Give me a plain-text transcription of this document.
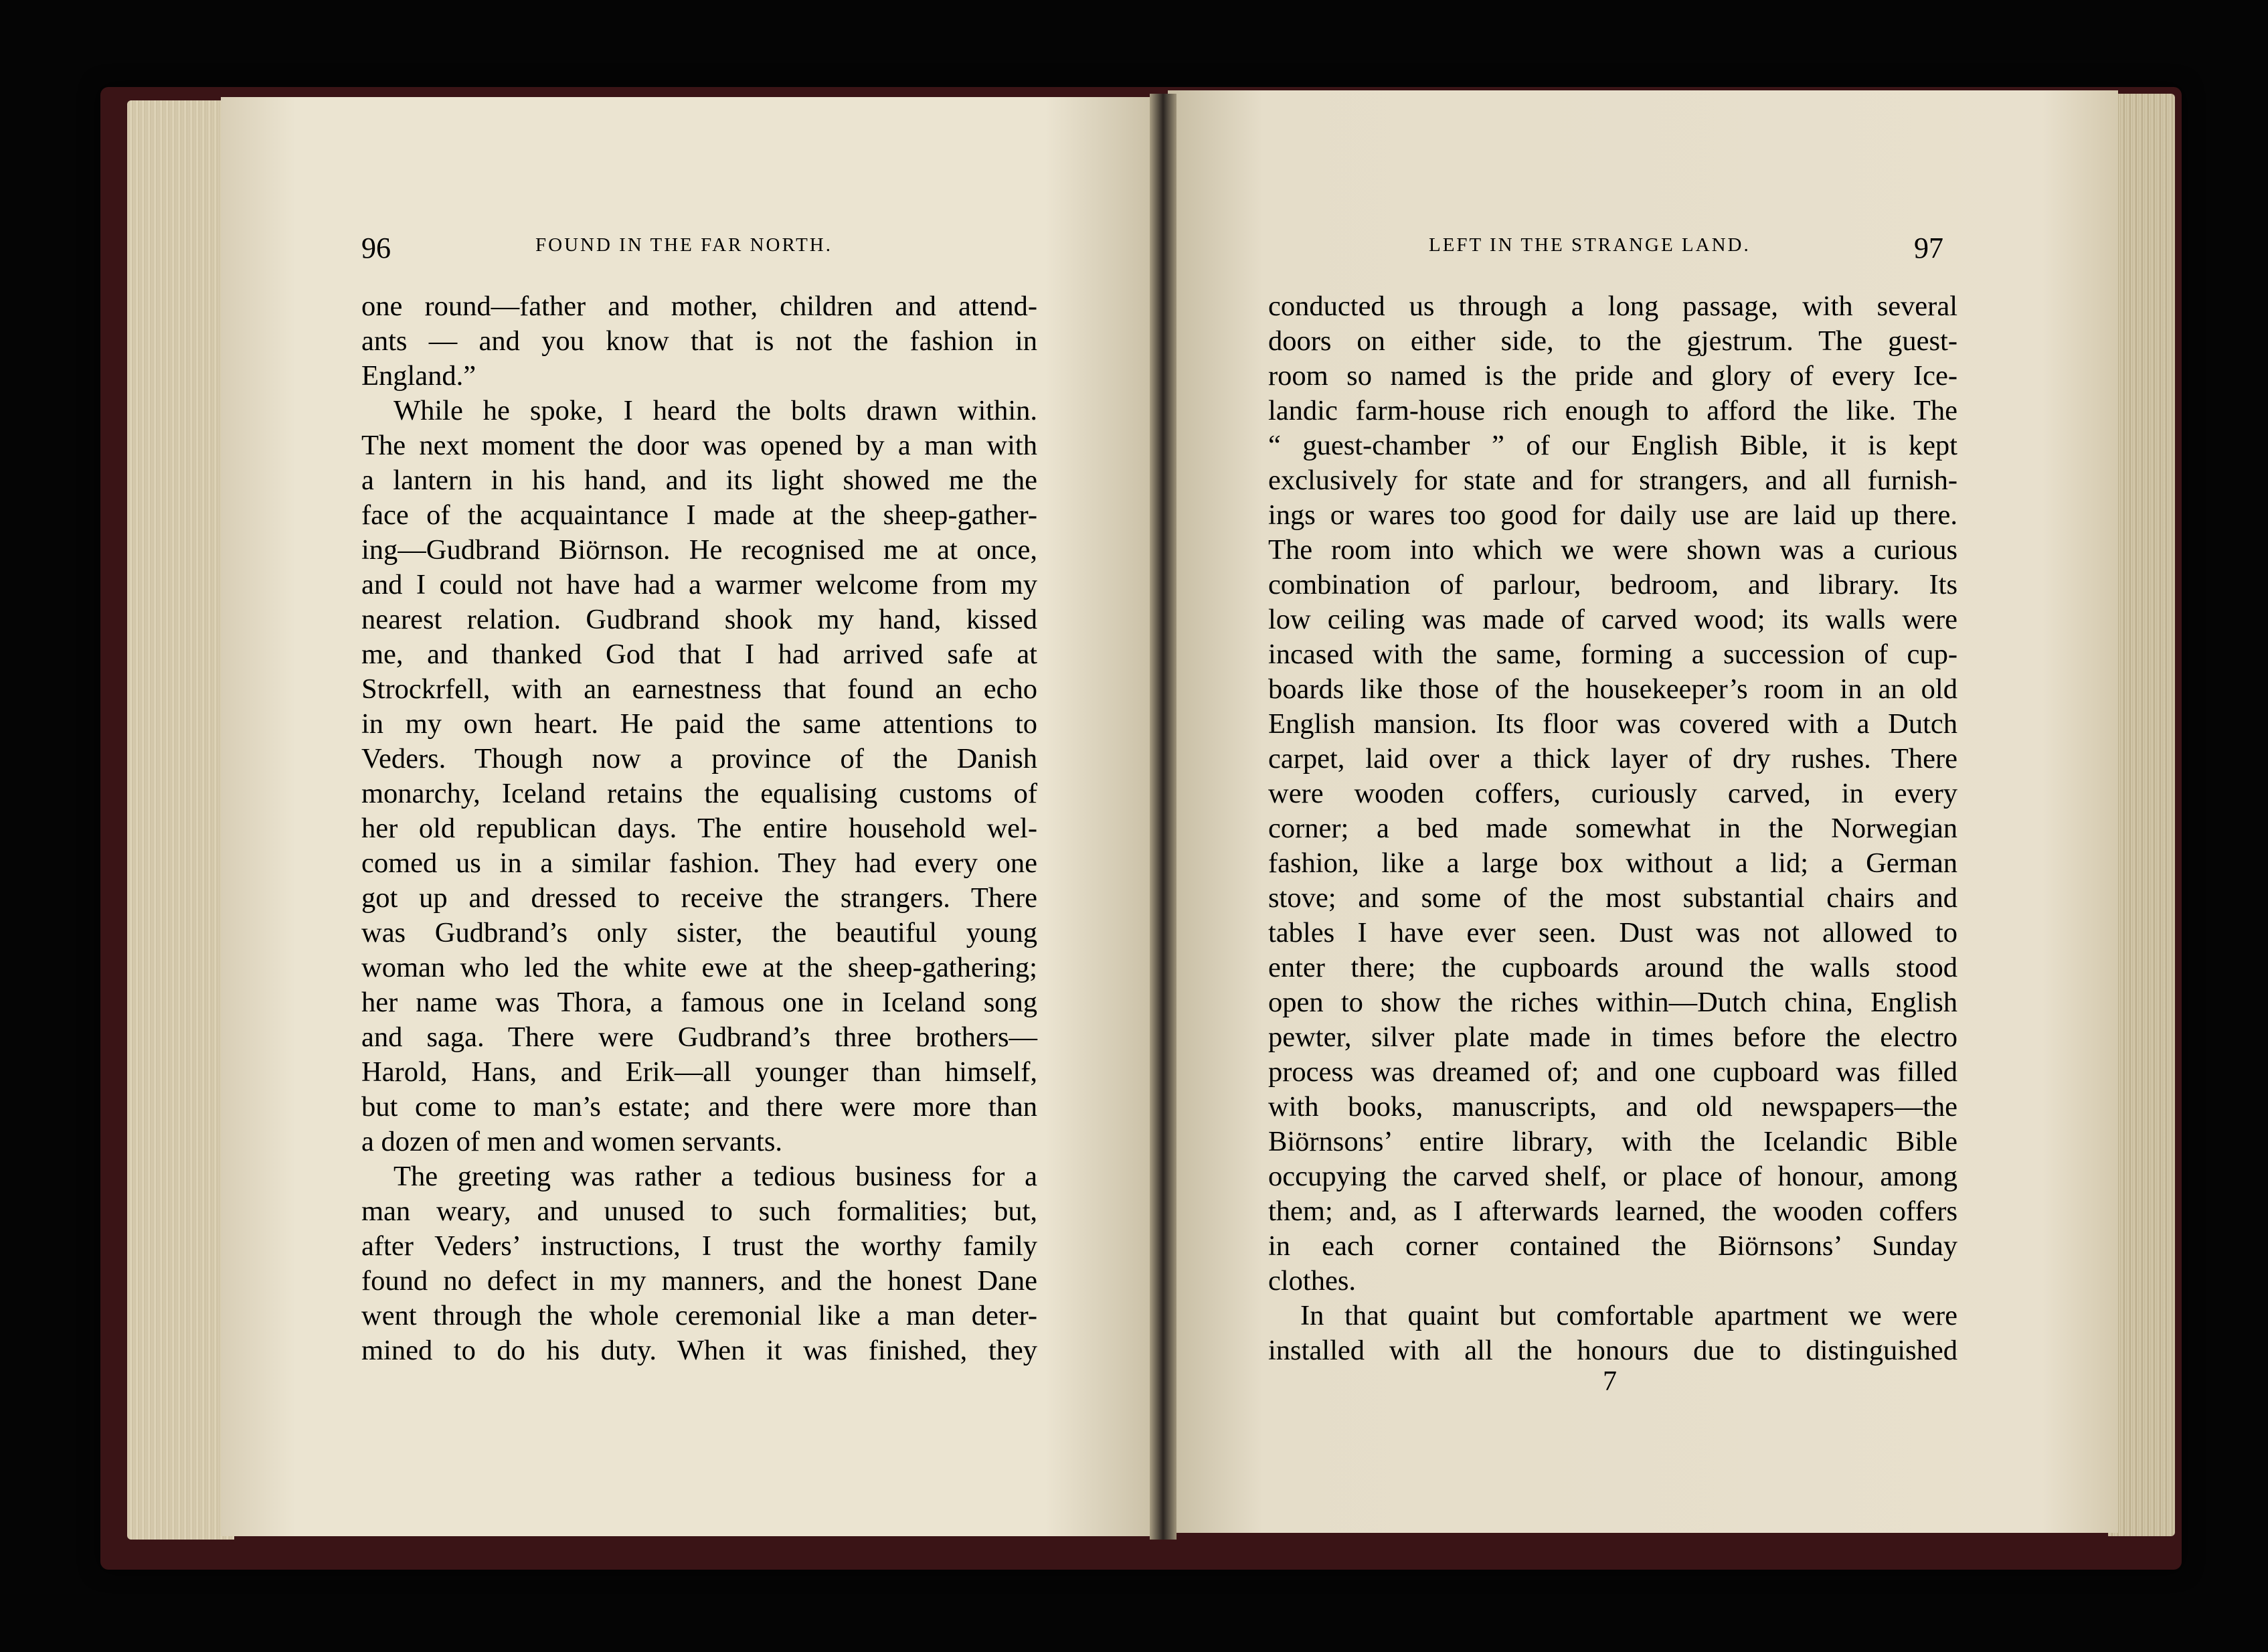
96	FOUND IN THE FAR NORTH.	LEFT IN THE STRANGE LAND.	97
one round—father and mother, children and attend-
ants — and you know that is not the fashion in
England.”
While he spoke, I heard the bolts drawn within.
The next moment the door was opened by a man with
a lantern in his hand, and its light showed me the
face of the acquaintance I made at the sheep-gather-
ing—Gudbrand Biörnson. He recognised me at once,
and I could not have had a warmer welcome from my
nearest relation. Gudbrand shook my hand, kissed
me, and thanked God that I had arrived safe at
Strockrfell, with an earnestness that found an echo
in my own heart. He paid the same attentions to
Veders. Though now a province of the Danish
monarchy, Iceland retains the equalising customs of
her old republican days. The entire household wel-
comed us in a similar fashion. They had every one
got up and dressed to receive the strangers. There
was Gudbrand’s only sister, the beautiful young
woman who led the white ewe at the sheep-gathering;
her name was Thora, a famous one in Iceland song
and saga. There were Gudbrand’s three brothers—
Harold, Hans, and Erik—all younger than himself,
but come to man’s estate; and there were more than
a dozen of men and women servants.
The greeting was rather a tedious business for a
man weary, and unused to such formalities; but,
after Veders’ instructions, I trust the worthy family
found no defect in my manners, and the honest Dane
went through the whole ceremonial like a man deter-
mined to do his duty. When it was finished, they
conducted us through a long passage, with several
doors on either side, to the gjestrum. The guest-
room so named is the pride and glory of every Ice-
landic farm-house rich enough to afford the like. The
“ guest-chamber ” of our English Bible, it is kept
exclusively for state and for strangers, and all furnish-
ings or wares too good for daily use are laid up there.
The room into which we were shown was a curious
combination of parlour, bedroom, and library. Its
low ceiling was made of carved wood; its walls were
incased with the same, forming a succession of cup-
boards like those of the housekeeper’s room in an old
English mansion. Its floor was covered with a Dutch
carpet, laid over a thick layer of dry rushes. There
were wooden coffers, curiously carved, in every
corner; a bed made somewhat in the Norwegian
fashion, like a large box without a lid; a German
stove; and some of the most substantial chairs and
tables I have ever seen. Dust was not allowed to
enter there; the cupboards around the walls stood
open to show the riches within—Dutch china, English
pewter, silver plate made in times before the electro
process was dreamed of; and one cupboard was filled
with books, manuscripts, and old newspapers—the
Biörnsons’ entire library, with the Icelandic Bible
occupying the carved shelf, or place of honour, among
them; and, as I afterwards learned, the wooden coffers
in each corner contained the Biörnsons’ Sunday
clothes.
In that quaint but comfortable apartment we were
installed with all the honours due to distinguished
7
